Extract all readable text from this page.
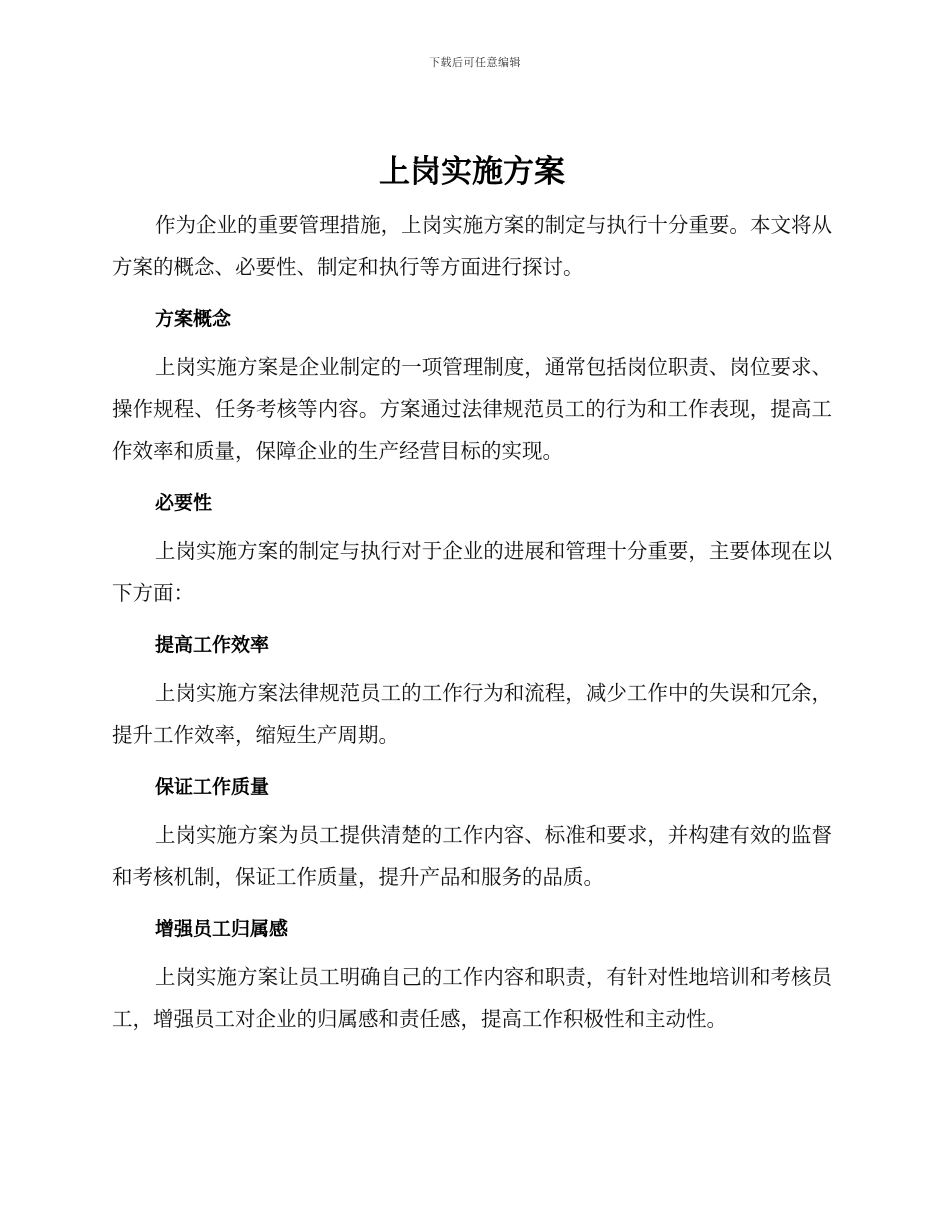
下载后可任意编辑
上岗实施方案

作为企业的重要管理措施，上岗实施方案的制定与执行十分重要。本文将从方案的概念、必要性、制定和执行等方面进行探讨。

方案概念

上岗实施方案是企业制定的一项管理制度，通常包括岗位职责、岗位要求、操作规程、任务考核等内容。方案通过法律规范员工的行为和工作表现，提高工作效率和质量，保障企业的生产经营目标的实现。

必要性

上岗实施方案的制定与执行对于企业的进展和管理十分重要，主要体现在以下方面：

提高工作效率

上岗实施方案法律规范员工的工作行为和流程，减少工作中的失误和冗余，提升工作效率，缩短生产周期。

保证工作质量

上岗实施方案为员工提供清楚的工作内容、标准和要求，并构建有效的监督和考核机制，保证工作质量，提升产品和服务的品质。

增强员工归属感

上岗实施方案让员工明确自己的工作内容和职责，有针对性地培训和考核员工，增强员工对企业的归属感和责任感，提高工作积极性和主动性。
